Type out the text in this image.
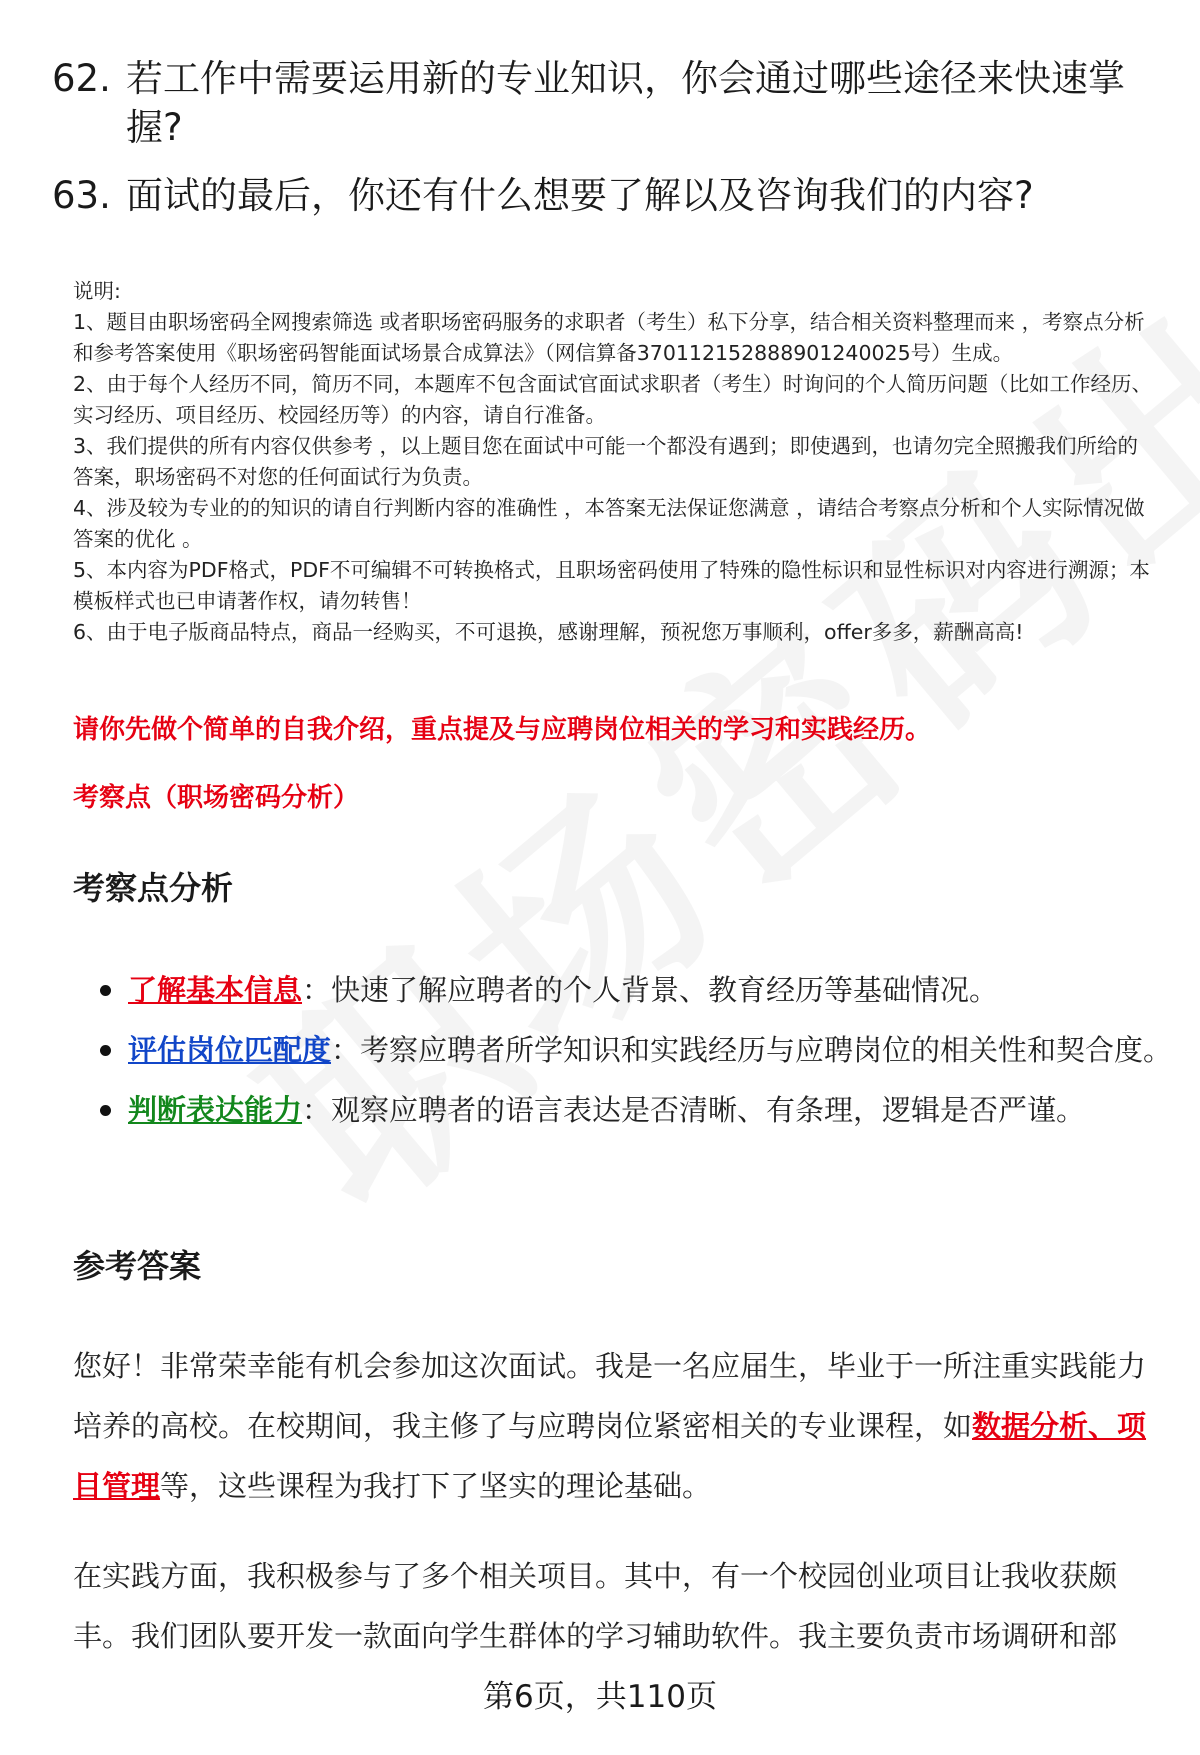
62. 若工作中需要运用新的专业知识，你会通过哪些途径来快速掌
握?
63. 面试的最后，你还有什么想要了解以及咨询我们的内容?

说明:

1、题目由职场密码全网搜索筛选 或者职场密码服务的求职者（考生）私下分享，结合相关资料整理而来 ，考察点分析和参考答案使用《职场密码智能面试场景合成算法》（网信算备370112152888901240025号）生成。

2、由于每个人经历不同，简历不同，本题库不包含面试官面试求职者（考生）时询问的个人简历问题（比如工作经历、实习经历、项目经历、校园经历等）的内容，请自行准备。

3、我们提供的所有内容仅供参考 ，以上题目您在面试中可能一个都没有遇到；即使遇到，也请勿完全照搬我们所给的答案，职场密码不对您的任何面试行为负责。

4、涉及较为专业的的知识的请自行判断内容的准确性 ，本答案无法保证您满意 ，请结合考察点分析和个人实际情况做答案的优化 。

5、本内容为PDF格式，PDF不可编辑不可转换格式，且职场密码使用了特殊的隐性标识和显性标识对内容进行溯源；本模板样式也已申请著作权，请勿转售！

6、由于电子版商品特点，商品一经购买，不可退换，感谢理解，预祝您万事顺利，offer多多，薪酬高高!

请你先做个简单的自我介绍，重点提及与应聘岗位相关的学习和实践经历。
考察点（职场密码分析）
考察点分析
了解基本信息：快速了解应聘者的个人背景、教育经历等基础情况。
评估岗位匹配度：考察应聘者所学知识和实践经历与应聘岗位的相关性和契合度。
判断表达能力：观察应聘者的语言表达是否清晰、有条理，逻辑是否严谨。
参考答案

您好！非常荣幸能有机会参加这次面试。我是一名应届生，毕业于一所注重实践能力培养的高校。在校期间，我主修了与应聘岗位紧密相关的专业课程，如数据分析、项目管理等，这些课程为我打下了坚实的理论基础。

在实践方面，我积极参与了多个相关项目。其中，有一个校园创业项目让我收获颇丰。我们团队要开发一款面向学生群体的学习辅助软件。我主要负责市场调研和部

第6页，共110页
